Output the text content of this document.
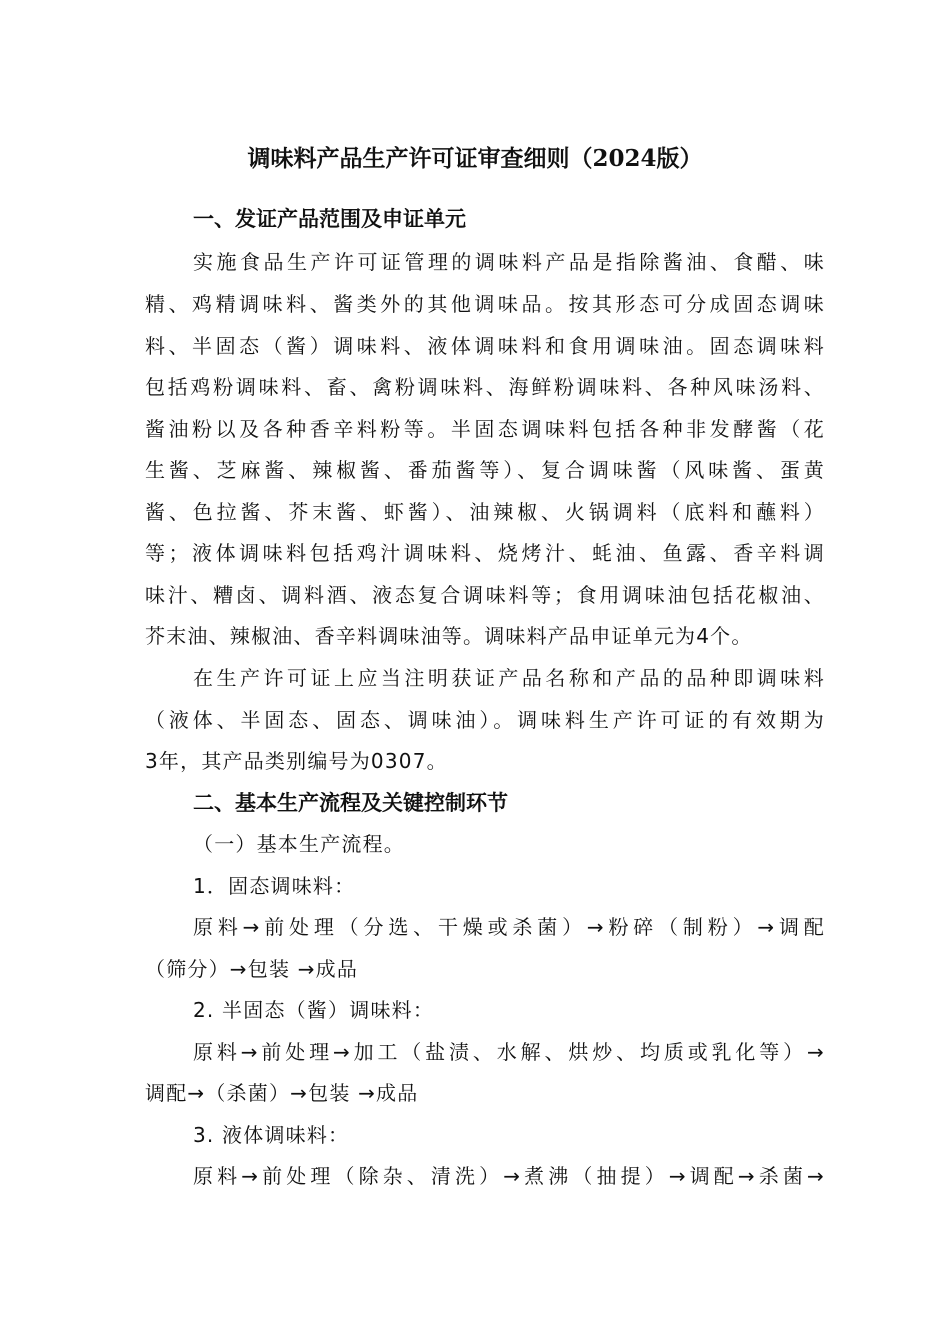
调味料产品生产许可证审查细则（2024版）
一、发证产品范围及申证单元
实施食品生产许可证管理的调味料产品是指除酱油、食醋、味
精、鸡精调味料、酱类外的其他调味品。按其形态可分成固态调味
料、半固态（酱）调味料、液体调味料和食用调味油。固态调味料
包括鸡粉调味料、畜、禽粉调味料、海鲜粉调味料、各种风味汤料、
酱油粉以及各种香辛料粉等。半固态调味料包括各种非发酵酱（花
生酱、芝麻酱、辣椒酱、番茄酱等）、复合调味酱（风味酱、蛋黄
酱、色拉酱、芥末酱、虾酱）、油辣椒、火锅调料（底料和蘸料）
等；液体调味料包括鸡汁调味料、烧烤汁、蚝油、鱼露、香辛料调
味汁、糟卤、调料酒、液态复合调味料等；食用调味油包括花椒油、
芥末油、辣椒油、香辛料调味油等。调味料产品申证单元为4个。
在生产许可证上应当注明获证产品名称和产品的品种即调味料
（液体、半固态、固态、调味油）。调味料生产许可证的有效期为
3年，其产品类别编号为0307。
二、基本生产流程及关键控制环节
（一）基本生产流程。
1．固态调味料：
原料→前处理（分选、干燥或杀菌）→粉碎（制粉）→调配
（筛分）→包装 →成品
2. 半固态（酱）调味料：
原料→前处理→加工（盐渍、水解、烘炒、均质或乳化等）→
调配→（杀菌）→包装 →成品
3. 液体调味料：
原料→前处理（除杂、清洗）→煮沸（抽提）→调配→杀菌→
